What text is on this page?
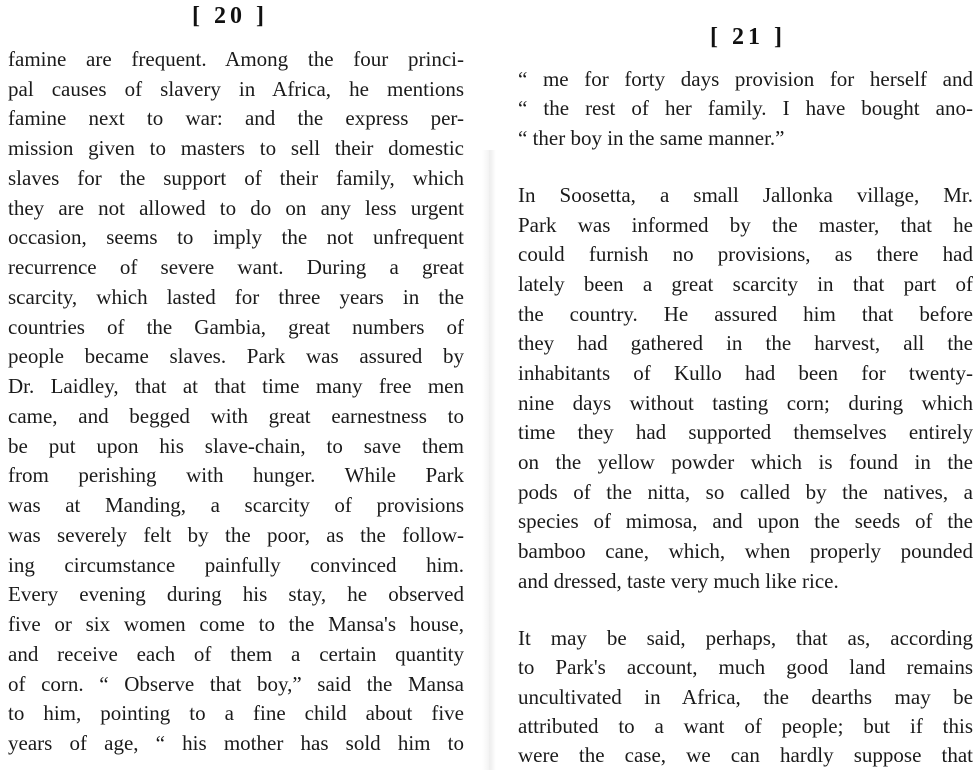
[ 20 ]
famine are frequent. Among the four princi-
pal causes of slavery in Africa, he mentions
famine next to war: and the express per-
mission given to masters to sell their domestic
slaves for the support of their family, which
they are not allowed to do on any less urgent
occasion, seems to imply the not unfrequent
recurrence of severe want. During a great
scarcity, which lasted for three years in the
countries of the Gambia, great numbers of
people became slaves. Park was assured by
Dr. Laidley, that at that time many free men
came, and begged with great earnestness to
be put upon his slave-chain, to save them
from perishing with hunger. While Park
was at Manding, a scarcity of provisions
was severely felt by the poor, as the follow-
ing circumstance painfully convinced him.
Every evening during his stay, he observed
five or six women come to the Mansa's house,
and receive each of them a certain quantity
of corn. “ Observe that boy,” said the Mansa
to him, pointing to a fine child about five
years of age, “ his mother has sold him to
[ 21 ]
“ me for forty days provision for herself and
“ the rest of her family. I have bought ano-
“ ther boy in the same manner.”
In Soosetta, a small Jallonka village, Mr.
Park was informed by the master, that he
could furnish no provisions, as there had
lately been a great scarcity in that part of
the country. He assured him that before
they had gathered in the harvest, all the
inhabitants of Kullo had been for twenty-
nine days without tasting corn; during which
time they had supported themselves entirely
on the yellow powder which is found in the
pods of the nitta, so called by the natives, a
species of mimosa, and upon the seeds of the
bamboo cane, which, when properly pounded
and dressed, taste very much like rice.
It may be said, perhaps, that as, according
to Park's account, much good land remains
uncultivated in Africa, the dearths may be
attributed to a want of people; but if this
were the case, we can hardly suppose that
